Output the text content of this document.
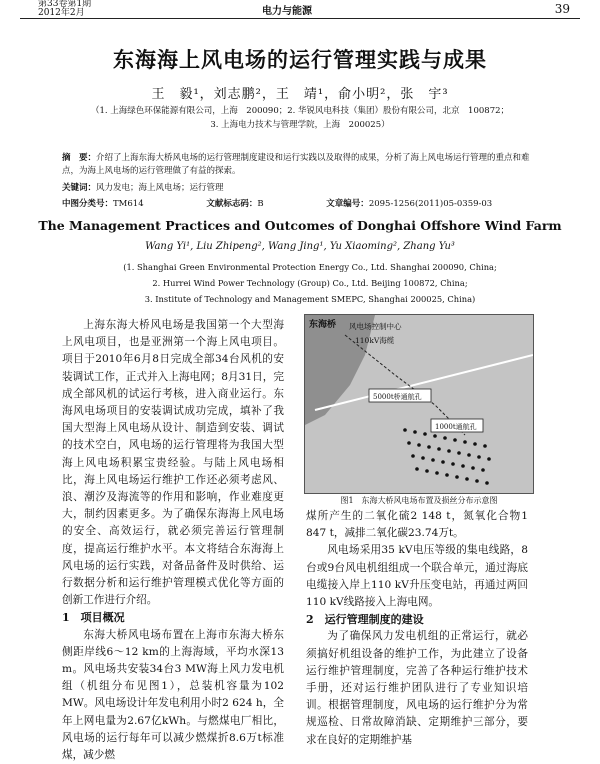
第33卷第1期
2012年2月	电力与能源	39
东海海上风电场的运行管理实践与成果
王　毅¹，刘志鹏²，王　靖¹，俞小明²，张　宇³
（1. 上海绿色环保能源有限公司，上海　200090；2. 华锐风电科技（集团）股份有限公司，北京　100872；
3. 上海电力技术与管理学院，上海　200025）
摘　要：介绍了上海东海大桥风电场的运行管理制度建设和运行实践以及取得的成果，分析了海上风电场运行管理的重点和难点，为海上风电场的运行管理做了有益的探索。
关键词：风力发电；海上风电场；运行管理
中图分类号：TM614	文献标志码：B	文章编号：2095-1256(2011)05-0359-03
The Management Practices and Outcomes of Donghai Offshore Wind Farm
Wang Yi¹, Liu Zhipeng², Wang Jing¹, Yu Xiaoming², Zhang Yu³
(1. Shanghai Green Environmental Protection Energy Co., Ltd. Shanghai 200090, China;
2. Hurrei Wind Power Technology (Group) Co., Ltd. Beijing 100872, China;
3. Institute of Technology and Management SMEPC, Shanghai 200025, China)

上海东海大桥风电场是我国第一个大型海上风电项目，也是亚洲第一个海上风电项目。项目于2010年6月8日完成全部34台风机的安装调试工作，正式并入上海电网；8月31日，完成全部风机的试运行考核，进入商业运行。东海风电场项目的安装调试成功完成，填补了我国大型海上风电场从设计、制造到安装、调试的技术空白，风电场的运行管理将为我国大型海上风电场积累宝贵经验。与陆上风电场相比，海上风电场运行维护工作还必须考虑风、浪、潮汐及海流等的作用和影响，作业难度更大，制约因素更多。为了确保东海海上风电场的安全、高效运行，就必须完善运行管理制度，提高运行维护水平。本文将结合东海海上风电场的运行实践，对备品备件及时供给、运行数据分析和运行维护管理模式优化等方面的创新工作进行介绍。

1　项目概况

东海大桥风电场布置在上海市东海大桥东侧距岸线6～12 km的上海海域，平均水深13 m。风电场共安装34台3 MW海上风力发电机组（机组分布见图1），总装机容量为102 MW。风电场设计年发电利用小时2 624 h，全年上网电量为2.67亿kWh。与燃煤电厂相比，风电场的运行每年可以减少燃煤折8.6万t标准煤，减少燃

东海桥 风电场控制中心
110kV海缆
5000t桥通航孔
1000t通航孔
图1　东海大桥风电场布置及损丝分布示意图

煤所产生的二氧化硫2 148 t，氮氧化合物1 847 t，减排二氧化碳23.74万t。

风电场采用35 kV电压等级的集电线路，8台或9台风电机组组成一个联合单元，通过海底电缆接入岸上110 kV升压变电站，再通过两回110 kV线路接入上海电网。

2　运行管理制度的建设

为了确保风力发电机组的正常运行，就必须搞好机组设备的维护工作，为此建立了设备运行维护管理制度，完善了各种运行维护技术手册，还对运行维护团队进行了专业知识培训。根据管理制度，风电场的运行维护分为常规巡检、日常故障消缺、定期维护三部分，要求在良好的定期维护基
